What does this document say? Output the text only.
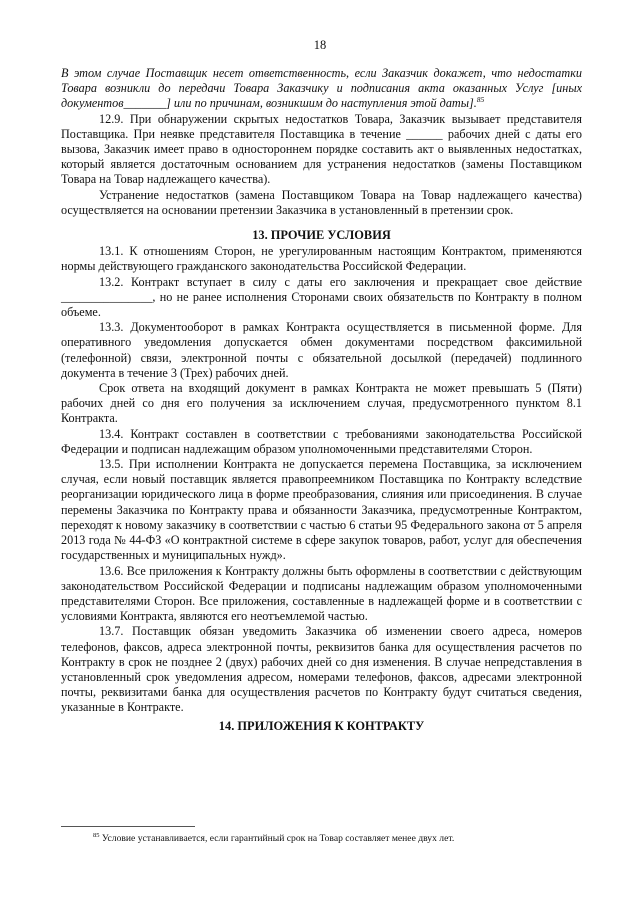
18

В этом случае Поставщик несет ответственность, если Заказчик докажет, что недостатки Товара возникли до передачи Товара Заказчику и подписания акта оказанных Услуг [иных документов_______] или по причинам, возникшим до наступления этой даты].$^{85}$

12.9. При обнаружении скрытых недостатков Товара, Заказчик вызывает представителя Поставщика. При неявке представителя Поставщика в течение ______ рабочих дней с даты его вызова, Заказчик имеет право в одностороннем порядке составить акт о выявленных недостатках, который является достаточным основанием для устранения недостатков (замены Поставщиком Товара на Товар надлежащего качества).

Устранение недостатков (замена Поставщиком Товара на Товар надлежащего качества) осуществляется на основании претензии Заказчика в установленный в претензии срок.

13. ПРОЧИЕ УСЛОВИЯ

13.1. К отношениям Сторон, не урегулированным настоящим Контрактом, применяются нормы действующего гражданского законодательства Российской Федерации.

13.2. Контракт вступает в силу с даты его заключения и прекращает свое действие _______________, но не ранее исполнения Сторонами своих обязательств по Контракту в полном объеме.

13.3. Документооборот в рамках Контракта осуществляется в письменной форме. Для оперативного уведомления допускается обмен документами посредством факсимильной (телефонной) связи, электронной почты с обязательной досылкой (передачей) подлинного документа в течение 3 (Трех) рабочих дней.

Срок ответа на входящий документ в рамках Контракта не может превышать 5 (Пяти) рабочих дней со дня его получения за исключением случая, предусмотренного пунктом 8.1 Контракта.

13.4. Контракт составлен в соответствии с требованиями законодательства Российской Федерации и подписан надлежащим образом уполномоченными представителями Сторон.

13.5. При исполнении Контракта не допускается перемена Поставщика, за исключением случая, если новый поставщик является правопреемником Поставщика по Контракту вследствие реорганизации юридического лица в форме преобразования, слияния или присоединения. В случае перемены Заказчика по Контракту права и обязанности Заказчика, предусмотренные Контрактом, переходят к новому заказчику в соответствии с частью 6 статьи 95 Федерального закона от 5 апреля 2013 года № 44-ФЗ «О контрактной системе в сфере закупок товаров, работ, услуг для обеспечения государственных и муниципальных нужд».

13.6. Все приложения к Контракту должны быть оформлены в соответствии с действующим законодательством Российской Федерации и подписаны надлежащим образом уполномоченными представителями Сторон. Все приложения, составленные в надлежащей форме и в соответствии с условиями Контракта, являются его неотъемлемой частью.

13.7. Поставщик обязан уведомить Заказчика об изменении своего адреса, номеров телефонов, факсов, адреса электронной почты, реквизитов банка для осуществления расчетов по Контракту в срок не позднее 2 (двух) рабочих дней со дня изменения. В случае непредставления в установленный срок уведомления адресом, номерами телефонов, факсов, адресами электронной почты, реквизитами банка для осуществления расчетов по Контракту будут считаться сведения, указанные в Контракте.

14. ПРИЛОЖЕНИЯ К КОНТРАКТУ
$^{85}$ Условие устанавливается, если гарантийный срок на Товар составляет менее двух лет.
